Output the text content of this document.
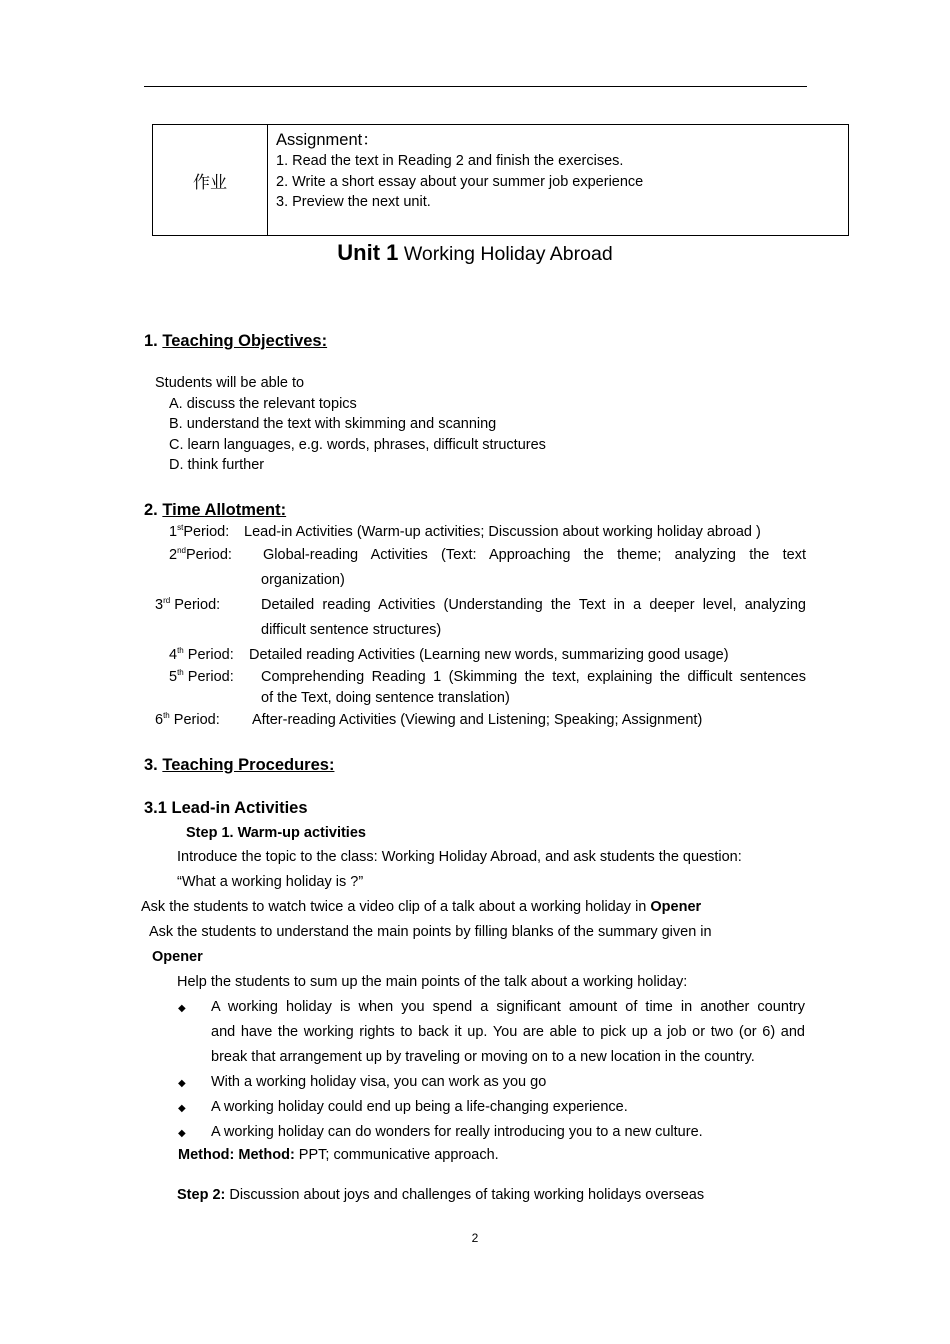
作业	
Assignment：
1. Read the text in Reading 2 and finish the exercises.
2. Write a short essay about your summer job experience
3. Preview the next unit.
Unit 1 Working Holiday Abroad
1. Teaching Objectives:
Students will be able to
A. discuss the relevant topics
B. understand the text with skimming and scanning
C. learn languages, e.g. words, phrases, difficult structures
D. think further
2. Time Allotment:
1stPeriod: Lead-in Activities (Warm-up activities; Discussion about working holiday abroad )
2ndPeriod: Global-reading Activities (Text: Approaching the theme; analyzing the text
organization)
3rd Period:	Detailed reading Activities (Understanding the Text in a deeper level, analyzing
difficult sentence structures)
4th Period: Detailed reading Activities (Learning new words, summarizing good usage)
5th Period: Comprehending Reading 1 (Skimming the text, explaining the difficult sentences
of the Text, doing sentence translation)
6th Period: After-reading Activities (Viewing and Listening; Speaking; Assignment)
3. Teaching Procedures:
3.1 Lead-in Activities
Step 1. Warm-up activities
Introduce the topic to the class: Working Holiday Abroad, and ask students the question:
“What a working holiday is ?”
Ask the students to watch twice a video clip of a talk about a working holiday in Opener
Ask the students to understand the main points by filling blanks of the summary given in
Opener
Help the students to sum up the main points of the talk about a working holiday:
◆ A working holiday is when you spend a significant amount of time in another country
and have the working rights to back it up. You are able to pick up a job or two (or 6) and
break that arrangement up by traveling or moving on to a new location in the country.
◆ With a working holiday visa, you can work as you go
◆ A working holiday could end up being a life-changing experience.
◆ A working holiday can do wonders for really introducing you to a new culture.
Method: Method: PPT; communicative approach.
Step 2: Discussion about joys and challenges of taking working holidays overseas
2
